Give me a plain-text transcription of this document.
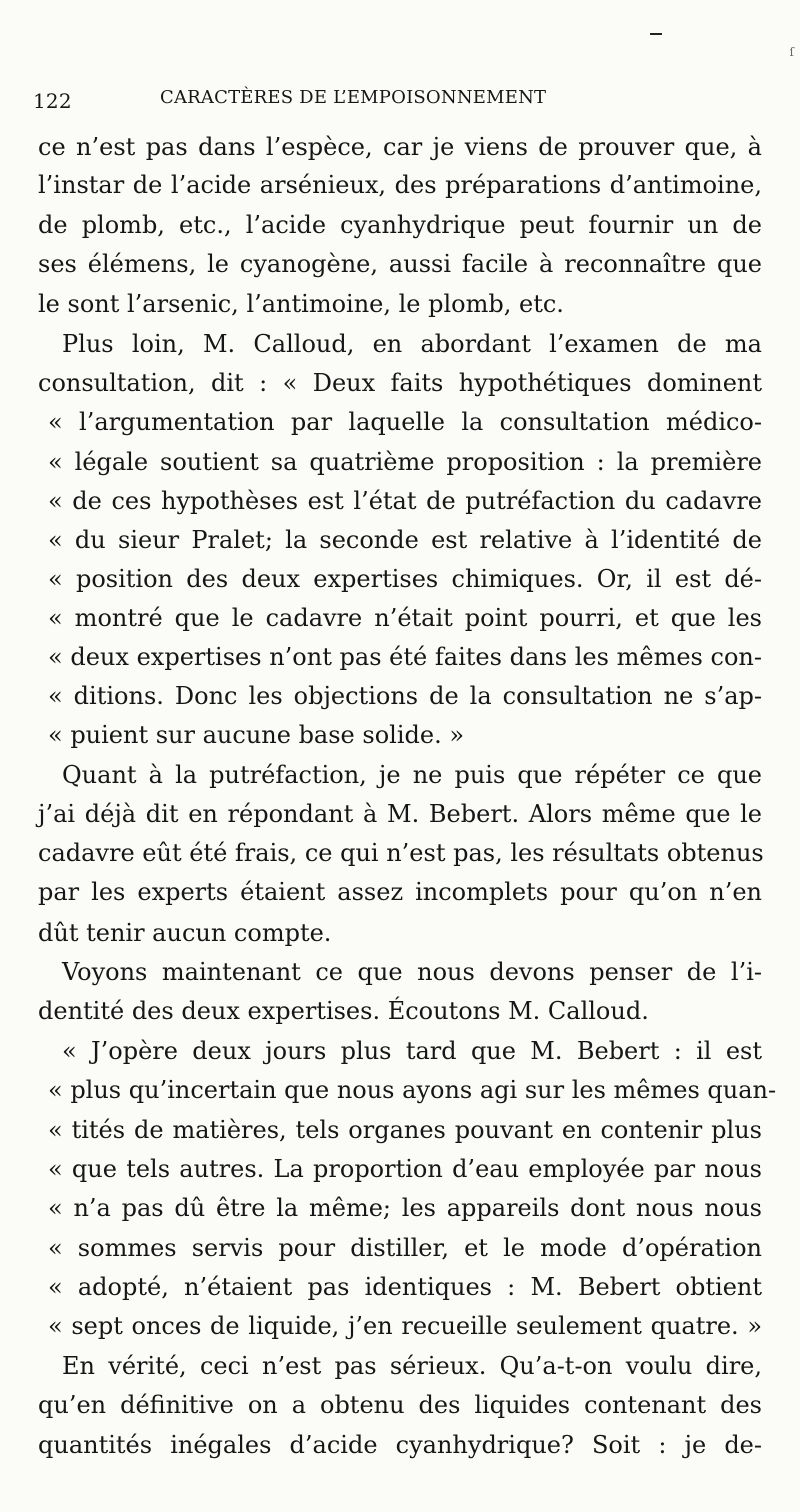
ſ
122	CARACTÈRES DE L’EMPOISONNEMENT
ce n’est pas dans l’espèce, car je viens de prouver que, à
l’instar de l’acide arsénieux, des préparations d’antimoine,
de plomb, etc., l’acide cyanhydrique peut fournir un de
ses élémens, le cyanogène, aussi facile à reconnaître que
le sont l’arsenic, l’antimoine, le plomb, etc.
Plus loin, M. Calloud, en abordant l’examen de ma
consultation, dit : « Deux faits hypothétiques dominent
« l’argumentation par laquelle la consultation médico-
« légale soutient sa quatrième proposition : la première
« de ces hypothèses est l’état de putréfaction du cadavre
« du sieur Pralet; la seconde est relative à l’identité de
« position des deux expertises chimiques. Or, il est dé-
« montré que le cadavre n’était point pourri, et que les
« deux expertises n’ont pas été faites dans les mêmes con-
« ditions. Donc les objections de la consultation ne s’ap-
« puient sur aucune base solide. »
Quant à la putréfaction, je ne puis que répéter ce que
j’ai déjà dit en répondant à M. Bebert. Alors même que le
cadavre eût été frais, ce qui n’est pas, les résultats obtenus
par les experts étaient assez incomplets pour qu’on n’en
dût tenir aucun compte.
Voyons maintenant ce que nous devons penser de l’i-
dentité des deux expertises. Écoutons M. Calloud.
« J’opère deux jours plus tard que M. Bebert : il est
« plus qu’incertain que nous ayons agi sur les mêmes quan-
« tités de matières, tels organes pouvant en contenir plus
« que tels autres. La proportion d’eau employée par nous
« n’a pas dû être la même; les appareils dont nous nous
« sommes servis pour distiller, et le mode d’opération
« adopté, n’étaient pas identiques : M. Bebert obtient
« sept onces de liquide, j’en recueille seulement quatre. »
En vérité, ceci n’est pas sérieux. Qu’a-t-on voulu dire,
qu’en définitive on a obtenu des liquides contenant des
quantités inégales d’acide cyanhydrique? Soit : je de-
